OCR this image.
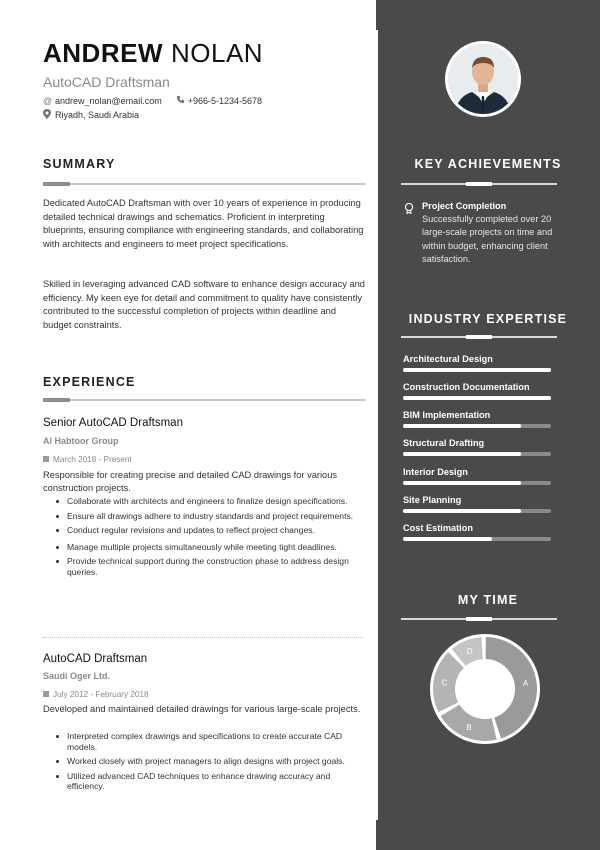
ANDREW NOLAN
AutoCAD Draftsman
@ andrew_nolan@email.com	+966-5-1234-5678
Riyadh, Saudi Arabia
SUMMARY

Dedicated AutoCAD Draftsman with over 10 years of experience in producing detailed technical drawings and schematics. Proficient in interpreting blueprints, ensuring compliance with engineering standards, and collaborating with architects and engineers to meet project specifications.

Skilled in leveraging advanced CAD software to enhance design accuracy and efficiency. My keen eye for detail and commitment to quality have consistently contributed to the successful completion of projects within deadline and budget constraints.

EXPERIENCE
Senior AutoCAD Draftsman
Al Habtoor Group
March 2018 - Present
Responsible for creating precise and detailed CAD drawings for various construction projects.
Collaborate with architects and engineers to finalize design specifications.
Ensure all drawings adhere to industry standards and project requirements.
Conduct regular revisions and updates to reflect project changes.
Manage multiple projects simultaneously while meeting tight deadlines.
Provide technical support during the construction phase to address design queries.
AutoCAD Draftsman
Saudi Oger Ltd.
July 2012 - February 2018
Developed and maintained detailed drawings for various large-scale projects.
Interpreted complex drawings and specifications to create accurate CAD models.
Worked closely with project managers to align designs with project goals.
Utilized advanced CAD techniques to enhance drawing accuracy and efficiency.
KEY ACHIEVEMENTS
Project Completion
Successfully completed over 20 large-scale projects on time and within budget, enhancing client satisfaction.
INDUSTRY EXPERTISE
Architectural Design
Construction Documentation
BIM Implementation
Structural Drafting
Interior Design
Site Planning
Cost Estimation
MY TIME
A
B
C
D
